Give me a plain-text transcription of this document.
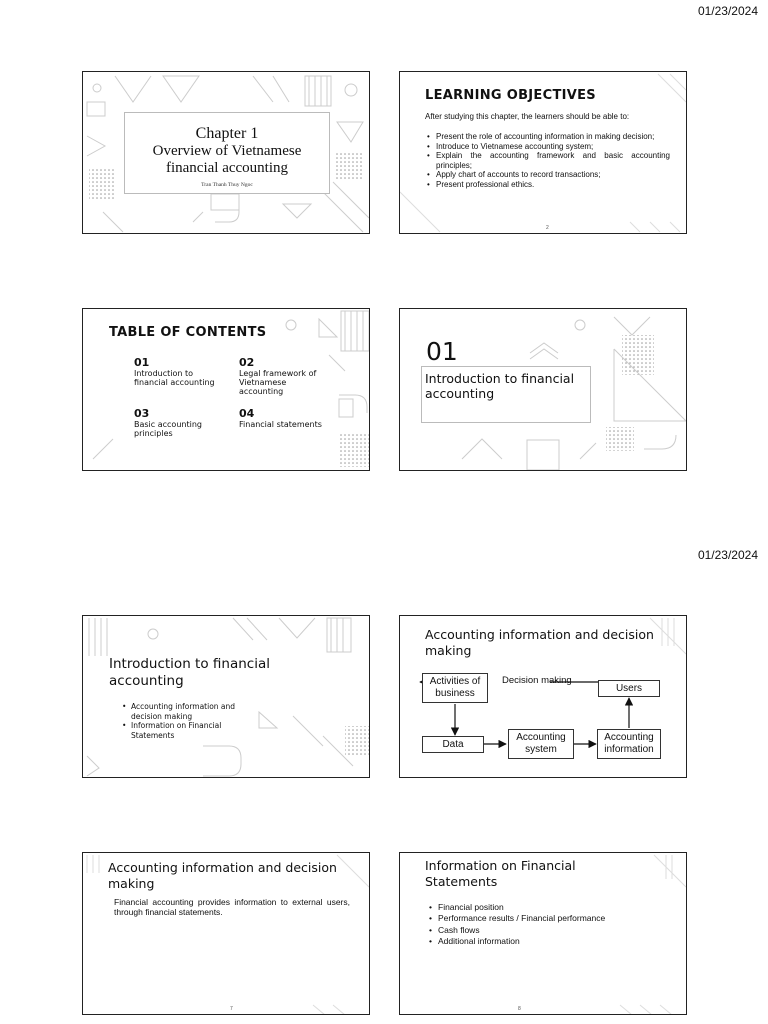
01/23/2024
01/23/2024
Chapter 1
Overview of Vietnamese
financial accounting
Tran Thanh Thuy Ngoc
LEARNING OBJECTIVES
After studying this chapter, the learners should be able to:
• Present the role of accounting information in making decision;
• Introduce to Vietnamese accounting system;
• Explain the accounting framework and basic accounting principles;
• Apply chart of accounts to record transactions;
• Present professional ethics.
2
TABLE OF CONTENTS
01
Introduction to financial accounting
02
Legal framework of Vietnamese accounting
03
Basic accounting principles
04
Financial statements
01
Introduction to financial accounting
Introduction to financial accounting
• Accounting information and decision making
• Information on Financial Statements
Accounting information and decision making
Activities of business	Users
Data
Accounting system
Accounting information
Decision making
Accounting information and decision making
Financial accounting provides information to external users, through financial statements.
7
Information on Financial Statements
• Financial position
• Performance results / Financial performance
• Cash flows
• Additional information
8
